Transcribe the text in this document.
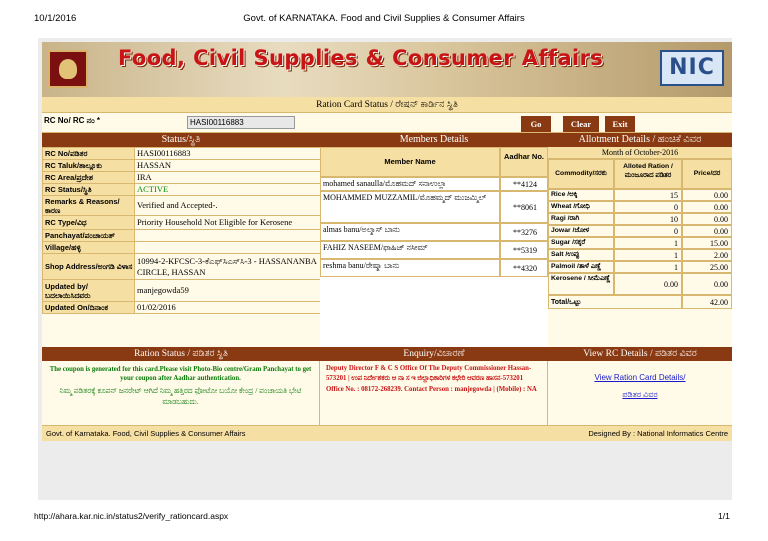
10/1/2016	Govt. of KARNATAKA. Food and Civil Supplies & Consumer Affairs
Food, Civil Supplies & Consumer Affairs	NIC
Ration Card Status / ರೇಷನ್ ಕಾರ್ಡಿನ ಸ್ಥಿತಿ
RC No/ RC ನಂ *
HASI00116883	Go	Clear	Exit
Status/ಸ್ಥಿತಿ	Members Details	Allotment Details / ಹಂಚಿಕೆ ವಿವರ
RC No/ಪಡಿತರ	HASI00116883

RC Taluk/ತಾಲ್ಲೂಕು	HASSAN

RC Area/ಪ್ರದೇಶ	IRA

RC Status/ಸ್ಥಿತಿ	ACTIVE

Remarks & Reasons/ ಕಾರಣ	Verified and Accepted-.

RC Type/ವಿಧ	Priority Household Not Eligible for Kerosene

Panchayat/ಪಂಚಾಯತ್	

Village/ಹಳ್ಳಿ	

Shop Address/ಅಂಗಡಿ ವಿಳಾಸ	10994-2-KFCSC-3-ಕೆಎಫ್‌ಸಿಎಸ್‌ಸಿ-3 - HASSANANBA CIRCLE, HASSAN

Updated by/ ಬದಲಾಯಿಸಿದವರು	manjegowda59

Updated On/ದಿನಾಂಕ	01/02/2016
Member Name
Aadhar No.
mohamed sanaulla/ಮೊಹಮದ್ ಸನಾಉಲ್ಲಾ	**4124
MOHAMMED MUZZAMIL/ಮೊಹಮ್ಮದ್ ಮುಜಮ್ಮಿಲ್
**8061
almas banu/ಅಲ್ಮಾಸ್ ಬಾನು	**3276
FAHIZ NASEEM/ಫಾಹಿಜ್ ನಸೀಮ್	**5319
reshma banu/ರೇಷ್ಮಾ ಬಾನು	**4320
Month of October-2016
Commodity/ಸರಕು
Alloted Ration /ಮಂಜೂರಾದ ಪಡಿತರ	Price/ದರ
Rice /ಅಕ್ಕಿ	15	0.00
Wheat /ಗೋಧಿ	0	0.00
Ragi /ರಾಗಿ	10	0.00
Jowar /ಜೋಳ	0	0.00
Sugar /ಸಕ್ಕರೆ	1	15.00
Salt /ಉಪ್ಪು	1	2.00
Palmoil /ತಾಳೆ ಎಣ್ಣೆ	1	25.00
Kerosene / ಸೀಮೆಎಣ್ಣೆ
0.00	0.00
Total/ಒಟ್ಟು	42.00
Ration Status / ಪಡಿತರ ಸ್ಥಿತಿ	Enquiry/ವಿಚಾರಣೆ	View RC Details / ಪಡಿತರ ವಿವರ
The coupon is generated for this card.Please visit Photo-Bio centre/Gram Panchayat to get your coupon after Aadhar authentication.
ನಿಮ್ಮ ಪಡಿತರಕ್ಕೆ ಕೂಪನ್ ಜನರೇಟ್ ಆಗಿದೆ ನಿಮ್ಮ ಹತ್ತಿರದ ಫೋಟೋ ಬಯೋ ಕೇಂದ್ರ / ಪಂಚಾಯತಿ ಭೇಟಿ ಮಾಡಬಹುದು.
Deputy Director F & C S Office Of The Deputy Commissioner Hassan-573201 | ಉಪ ನಿರ್ದೇಶಕರು ಆ ನಾ ಸ ಇ ಜಿಲ್ಲಾಧಿಕಾರಿಗಳ ಕಛೇರಿ ಆವರಣ ಹಾಸನ-573201
Office No. : 08172-268239. Contact Person : manjegowda | (Mobile) : NA
View Ration Card Details/
ಪಡಿತರ ವಿವರ
Govt. of Karnataka. Food, Civil Supplies & Consumer Affairs	Designed By : National Informatics Centre
http://ahara.kar.nic.in/status2/verify_rationcard.aspx	1/1
